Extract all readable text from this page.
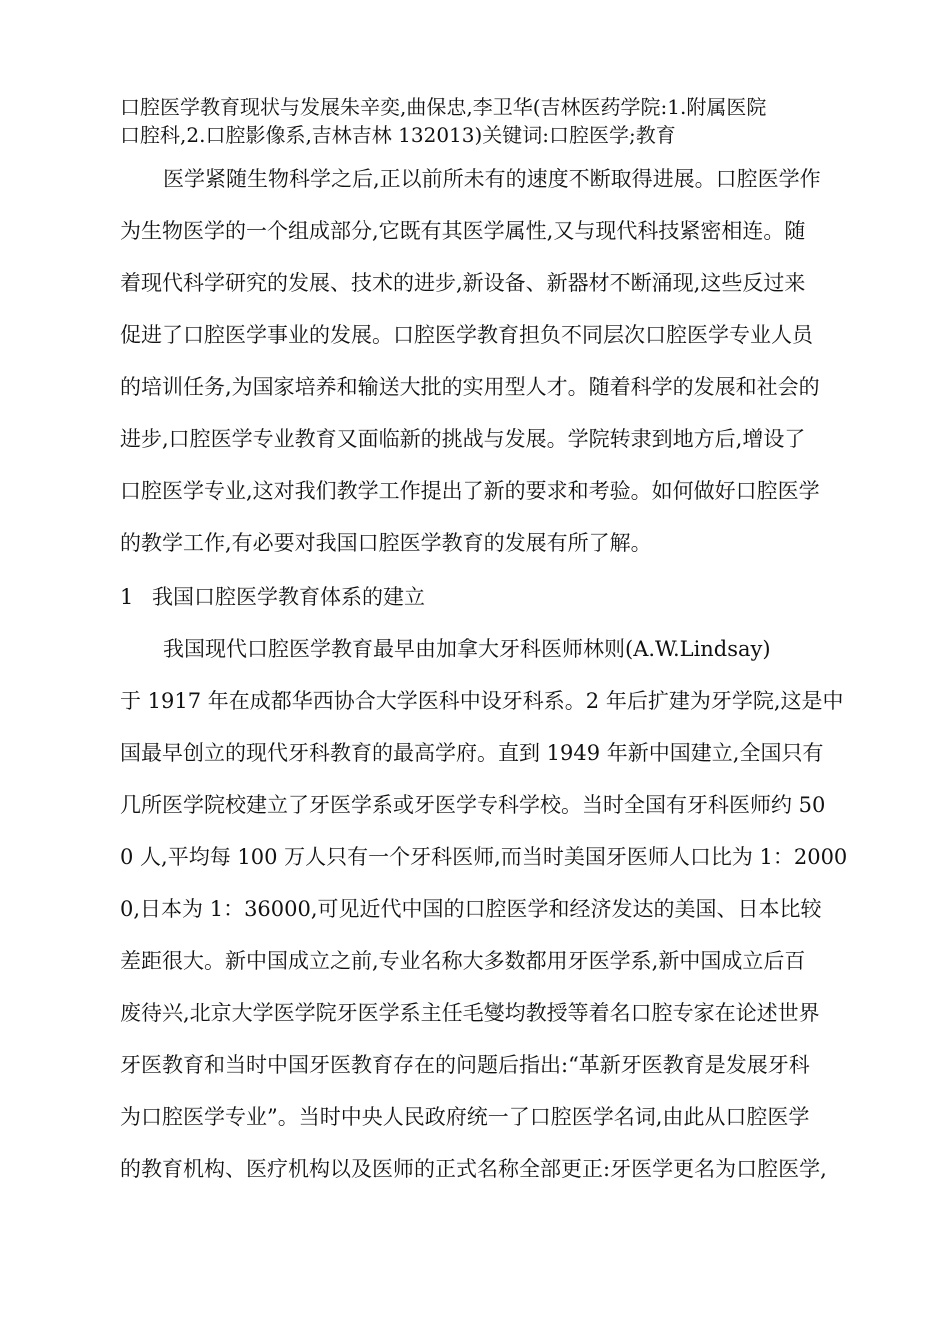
口腔医学教育现状与发展朱辛奕,曲保忠,李卫华(吉林医药学院:1.附属医院
口腔科,2.口腔影像系,吉林吉林 132013)关键词:口腔医学;教育
医学紧随生物科学之后,正以前所未有的速度不断取得进展。口腔医学作
为生物医学的一个组成部分,它既有其医学属性,又与现代科技紧密相连。随
着现代科学研究的发展、技术的进步,新设备、新器材不断涌现,这些反过来
促进了口腔医学事业的发展。口腔医学教育担负不同层次口腔医学专业人员
的培训任务,为国家培养和输送大批的实用型人才。随着科学的发展和社会的
进步,口腔医学专业教育又面临新的挑战与发展。学院转隶到地方后,增设了
口腔医学专业,这对我们教学工作提出了新的要求和考验。如何做好口腔医学
的教学工作,有必要对我国口腔医学教育的发展有所了解。
1 我国口腔医学教育体系的建立
我国现代口腔医学教育最早由加拿大牙科医师林则(A.W.Lindsay)
于 1917 年在成都华西协合大学医科中设牙科系。2 年后扩建为牙学院,这是中
国最早创立的现代牙科教育的最高学府。直到 1949 年新中国建立,全国只有
几所医学院校建立了牙医学系或牙医学专科学校。当时全国有牙科医师约 50
0 人,平均每 100 万人只有一个牙科医师,而当时美国牙医师人口比为 1：2000
0,日本为 1：36000,可见近代中国的口腔医学和经济发达的美国、日本比较
差距很大。新中国成立之前,专业名称大多数都用牙医学系,新中国成立后百
废待兴,北京大学医学院牙医学系主任毛燮均教授等着名口腔专家在论述世界
牙医教育和当时中国牙医教育存在的问题后指出:“革新牙医教育是发展牙科
为口腔医学专业”。当时中央人民政府统一了口腔医学名词,由此从口腔医学
的教育机构、医疗机构以及医师的正式名称全部更正:牙医学更名为口腔医学,
